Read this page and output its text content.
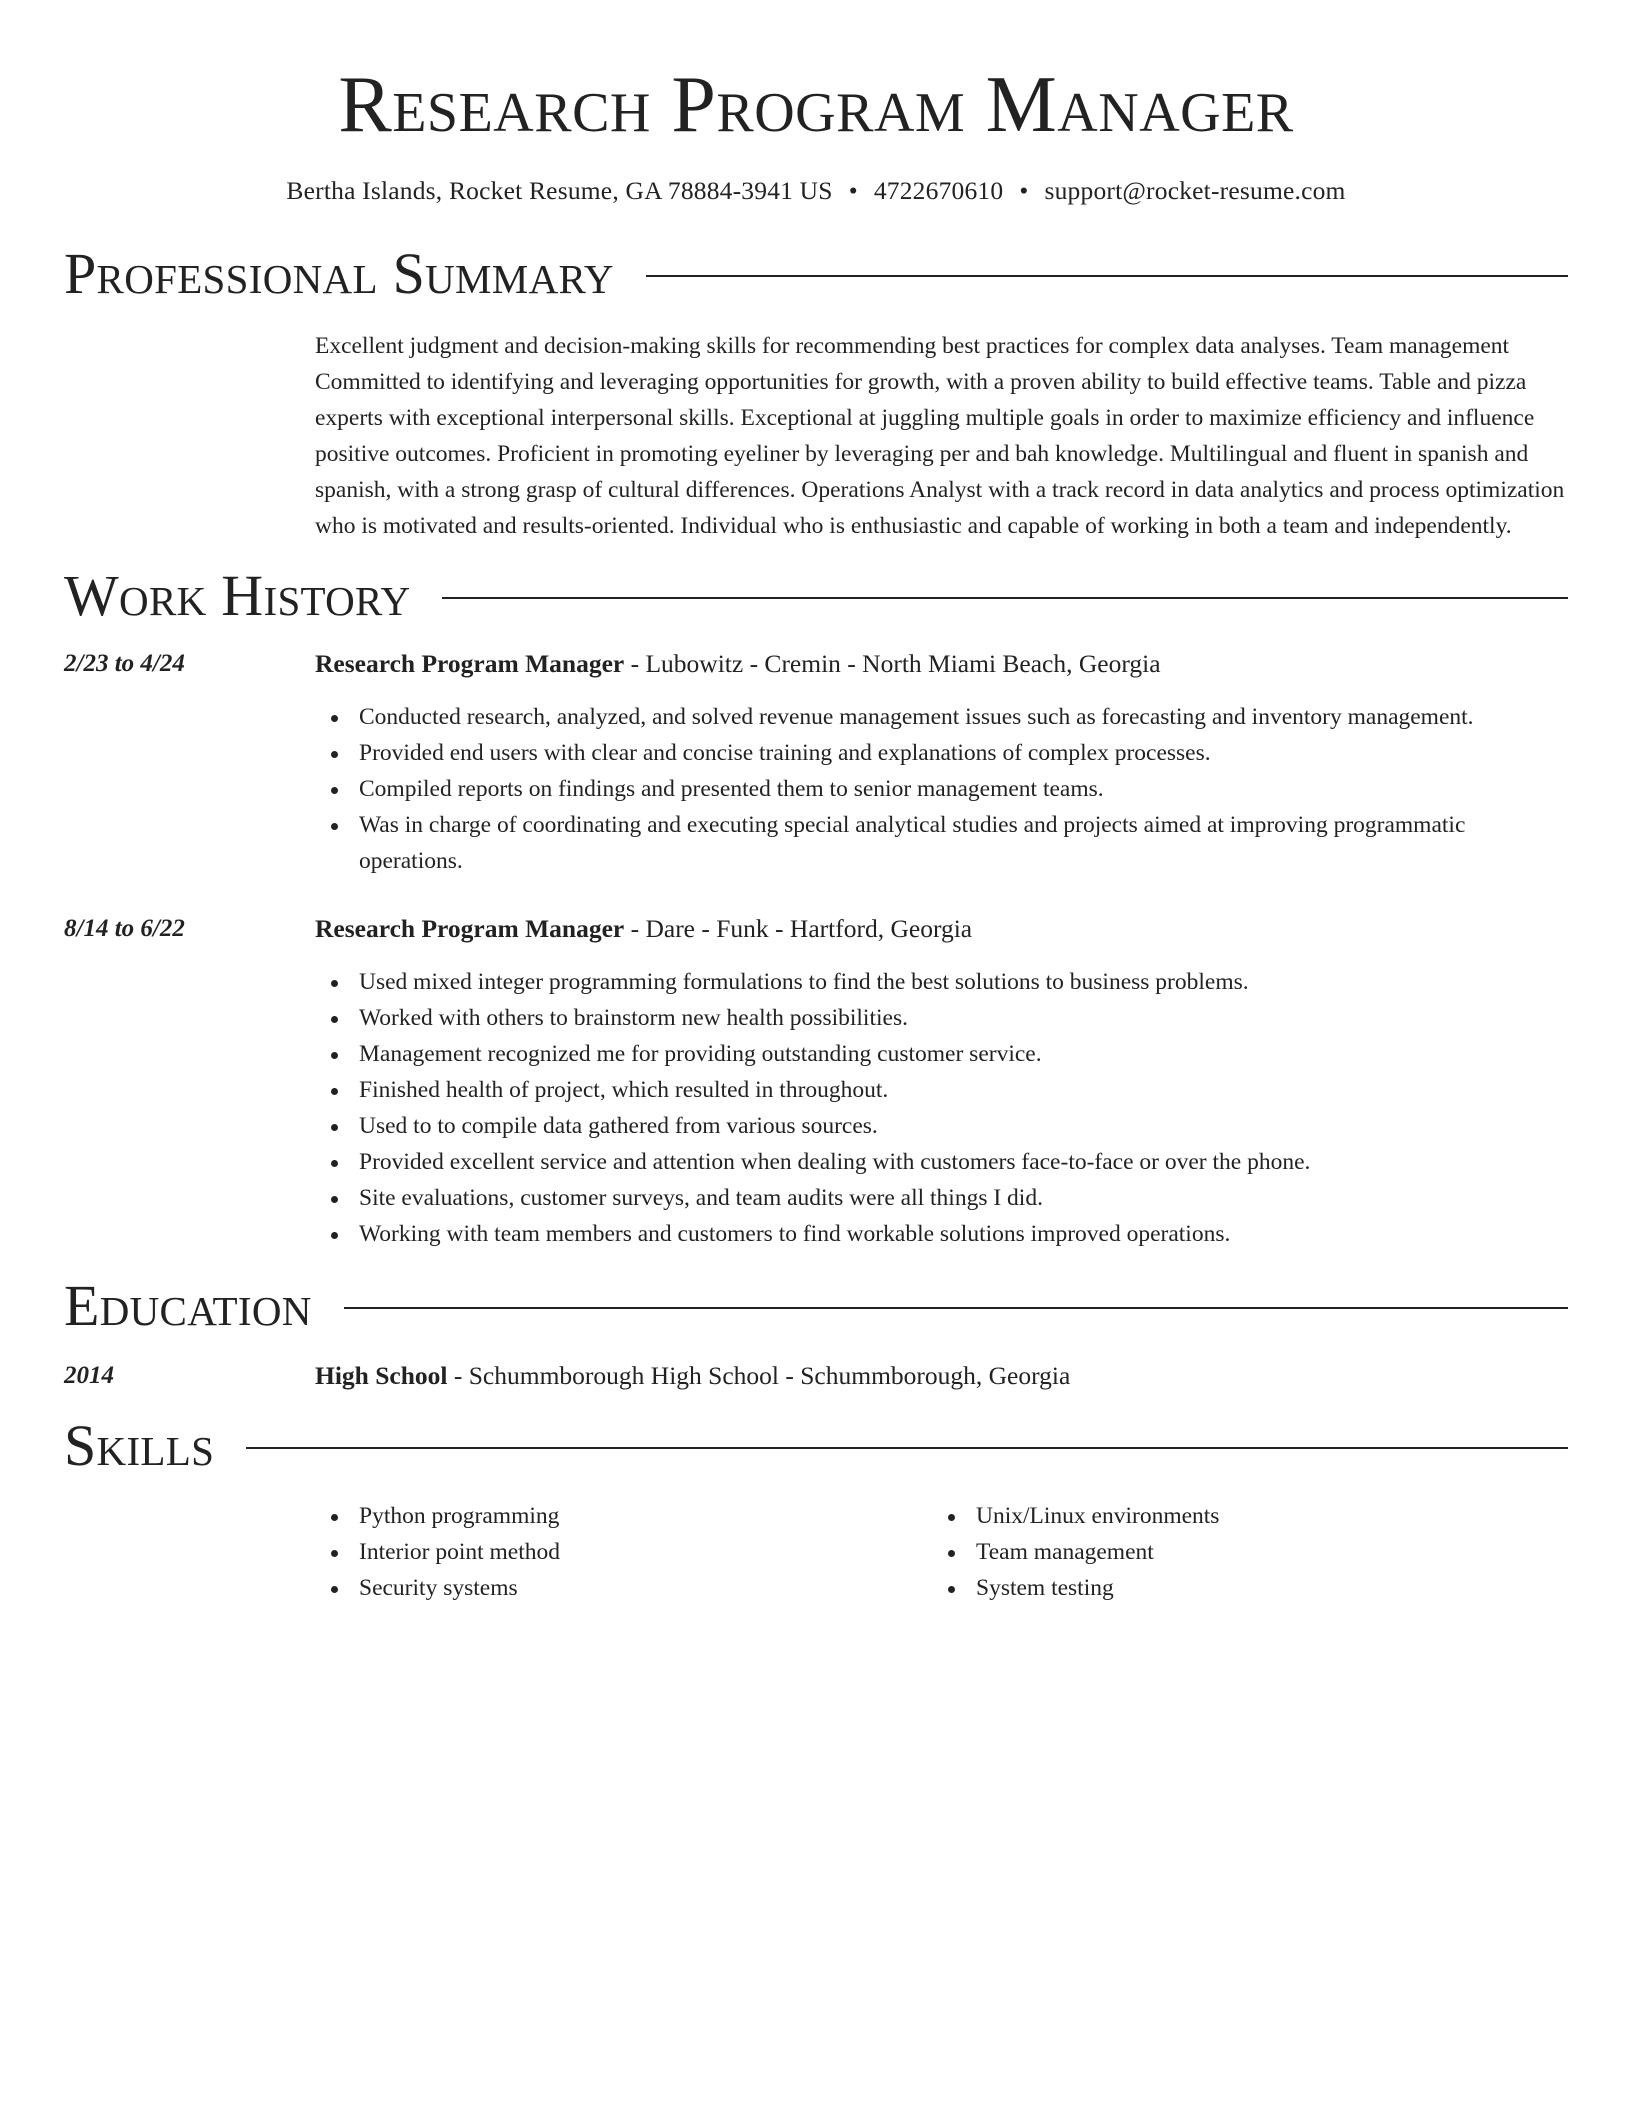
Research Program Manager
Bertha Islands, Rocket Resume, GA 78884-3941 US • 4722670610 • support@rocket-resume.com
Professional Summary

Excellent judgment and decision-making skills for recommending best practices for complex data analyses. Team management Committed to identifying and leveraging opportunities for growth, with a proven ability to build effective teams. Table and pizza experts with exceptional interpersonal skills. Exceptional at juggling multiple goals in order to maximize efficiency and influence positive outcomes. Proficient in promoting eyeliner by leveraging per and bah knowledge. Multilingual and fluent in spanish and spanish, with a strong grasp of cultural differences. Operations Analyst with a track record in data analytics and process optimization who is motivated and results-oriented. Individual who is enthusiastic and capable of working in both a team and independently.

Work History
2/23 to 4/24	Research Program Manager - Lubowitz - Cremin - North Miami Beach, Georgia
Conducted research, analyzed, and solved revenue management issues such as forecasting and inventory management.
Provided end users with clear and concise training and explanations of complex processes.
Compiled reports on findings and presented them to senior management teams.
Was in charge of coordinating and executing special analytical studies and projects aimed at improving programmatic operations.
8/14 to 6/22	Research Program Manager - Dare - Funk - Hartford, Georgia
Used mixed integer programming formulations to find the best solutions to business problems.
Worked with others to brainstorm new health possibilities.
Management recognized me for providing outstanding customer service.
Finished health of project, which resulted in throughout.
Used to to compile data gathered from various sources.
Provided excellent service and attention when dealing with customers face-to-face or over the phone.
Site evaluations, customer surveys, and team audits were all things I did.
Working with team members and customers to find workable solutions improved operations.
Education
2014	High School - Schummborough High School - Schummborough, Georgia
Skills
Python programming
Interior point method
Security systems
Unix/Linux environments
Team management
System testing
